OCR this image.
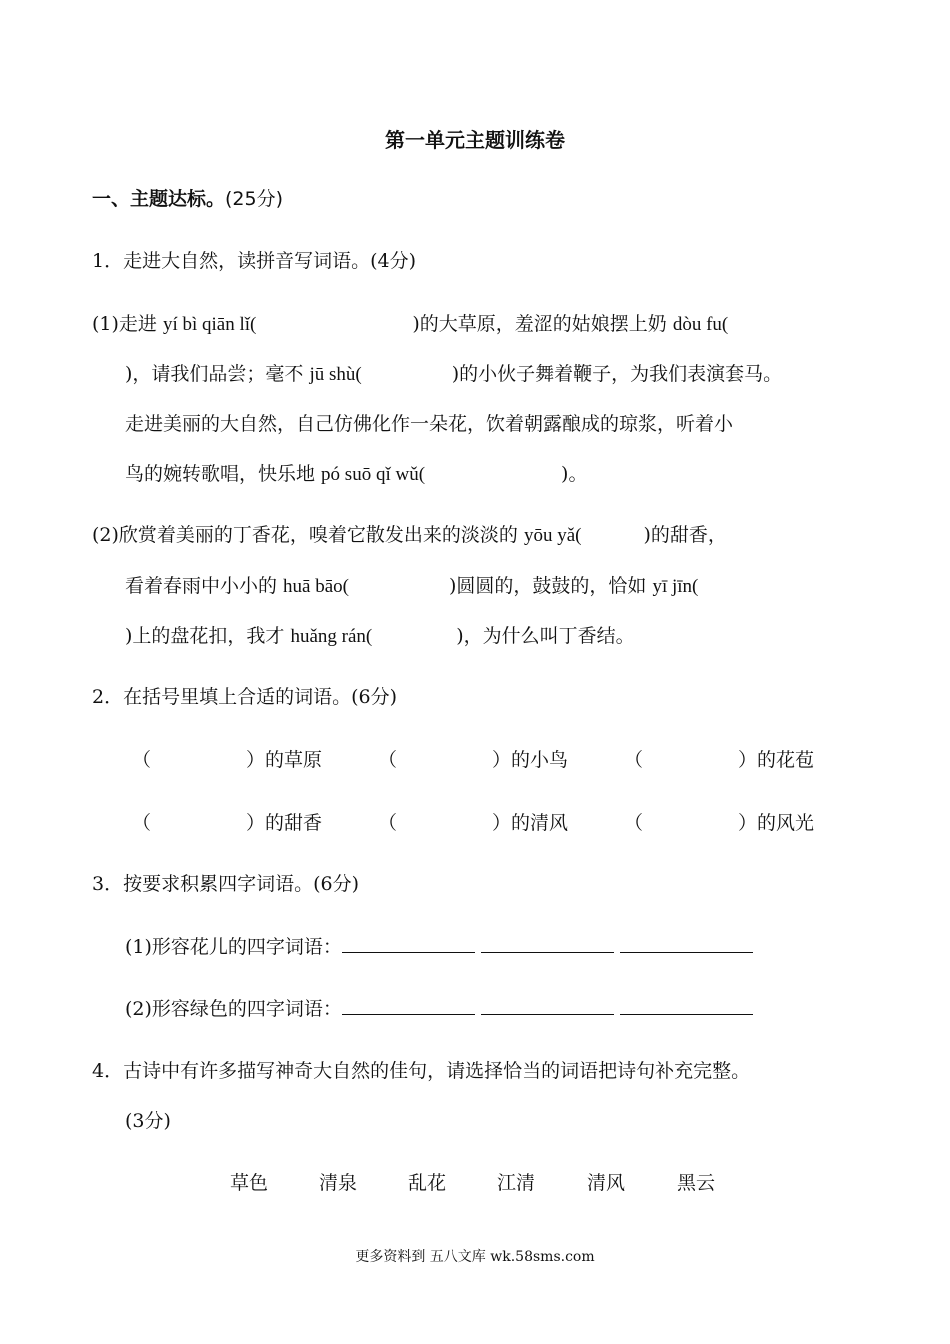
第一单元主题训练卷
一、主题达标。(25分)
1．走进大自然，读拼音写词语。(4分)
(1)走进 yí bì qiān lǐ(	)的大草原，羞涩的姑娘摆上奶 dòu fu(
)，请我们品尝；毫不 jū shù(	)的小伙子舞着鞭子，为我们表演套马。
走进美丽的大自然，自己仿佛化作一朵花，饮着朝露酿成的琼浆，听着小
鸟的婉转歌唱，快乐地 pó suō qǐ wǔ(	)。
(2)欣赏着美丽的丁香花，嗅着它散发出来的淡淡的 yōu yǎ(	)的甜香，
看着春雨中小小的 huā bāo(	)圆圆的，鼓鼓的，恰如 yī jīn(
)上的盘花扣，我才 huǎng rán(	)，为什么叫丁香结。
2．在括号里填上合适的词语。(6分)
（	）的草原	（	）的小鸟	（	）的花苞
（	）的甜香	（	）的清风	（	）的风光
3．按要求积累四字词语。(6分)
(1)形容花儿的四字词语：
(2)形容绿色的四字词语：
4．古诗中有许多描写神奇大自然的佳句，请选择恰当的词语把诗句补充完整。
(3分)
草色	清泉	乱花	江清	清风	黑云
更多资料到 五八文库 wk.58sms.com
